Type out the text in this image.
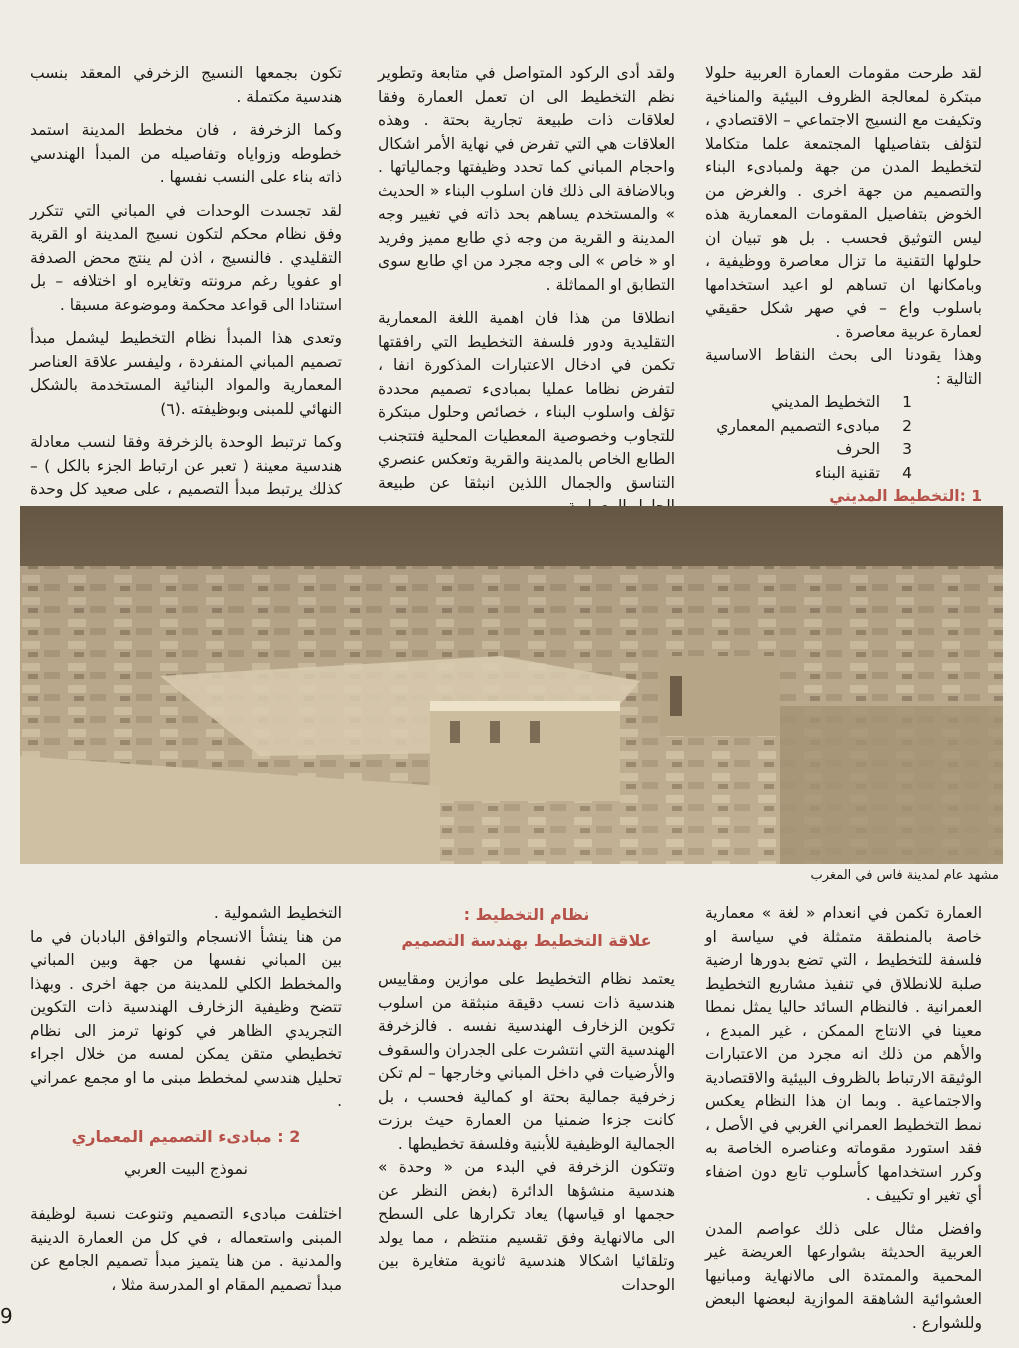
لقد طرحت مقومات العمارة العربية حلولا مبتكرة لمعالجة الظروف البيئية والمناخية وتكيفت مع النسيج الاجتماعي – الاقتصادي ، لتؤلف بتفاصيلها المجتمعة علما متكاملا لتخطيط المدن من جهة ولمبادىء البناء والتصميم من جهة اخرى . والغرض من الخوض بتفاصيل المقومات المعمارية هذه ليس التوثيق فحسب . بل هو تبيان ان حلولها التقنية ما تزال معاصرة ووظيفية ، وبامكانها ان تساهم لو اعيد استخدامها باسلوب واع – في صهر شكل حقيقي لعمارة عربية معاصرة .

وهذا يقودنا الى بحث النقاط الاساسية التالية :

1
التخطيط المديني
2
مبادىء التصميم المعماري
3
الحرف
4
تقنية البناء
1 :التخطيط المديني

ولقد أدى الركود المتواصل في متابعة وتطوير نظم التخطيط الى ان تعمل العمارة وفقا لعلاقات ذات طبيعة تجارية بحتة . وهذه العلاقات هي التي تفرض في نهاية الأمر اشكال واحجام المباني كما تحدد وظيفتها وجمالياتها . وبالاضافة الى ذلك فان اسلوب البناء « الحديث » والمستخدم يساهم بحد ذاته في تغيير وجه المدينة و القرية من وجه ذي طابع مميز وفريد او « خاص » الى وجه مجرد من اي طابع سوى التطابق او المماثلة .

انطلاقا من هذا فان اهمية اللغة المعمارية التقليدية ودور فلسفة التخطيط التي رافقتها تكمن في ادخال الاعتبارات المذكورة انفا ، لتفرض نظاما عمليا بمبادىء تصميم محددة تؤلف واسلوب البناء ، خصائص وحلول مبتكرة للتجاوب وخصوصية المعطيات المحلية فتتجنب الطابع الخاص بالمدينة والقرية وتعكس عنصري التناسق والجمال اللذين انبثقا عن طبيعة

تكون بجمعها النسيج الزخرفي المعقد بنسب هندسية مكتملة .

وكما الزخرفة ، فان مخطط المدينة استمد خطوطه وزواياه وتفاصيله من المبدأ الهندسي ذاته بناء على النسب نفسها .

لقد تجسدت الوحدات في المباني التي تتكرر وفق نظام محكم لتكون نسيج المدينة او القرية التقليدي . فالنسيج ، اذن لم ينتج محض الصدفة او عفويا رغم مرونته وتغايره او اختلافه – بل استنادا الى قواعد محكمة وموضوعة مسبقا .

وتعدى هذا المبدأ نظام التخطيط ليشمل مبدأ تصميم المباني المنفردة ، وليفسر علاقة العناصر المعمارية والمواد البنائية المستخدمة بالشكل النهائي للمبنى وبوظيفته .(٦)

وكما ترتبط الوحدة بالزخرفة وفقا لنسب معادلة هندسية معينة ( تعبر عن ارتباط الجزء بالكل ) – كذلك يرتبط مبدأ التصميم ، على صعيد كل وحدة

مشهد عام لمدينة فاس في المغرب

العمارة تكمن في انعدام « لغة » معمارية خاصة بالمنطقة متمثلة في سياسة او فلسفة للتخطيط ، التي تضع بدورها ارضية صلبة للانطلاق في تنفيذ مشاريع التخطيط العمرانية . فالنظام السائد حاليا يمثل نمطا معينا في الانتاج الممكن ، غير المبدع ، والأهم من ذلك انه مجرد من الاعتبارات الوثيقة الارتباط بالظروف البيئية والاقتصادية والاجتماعية . وبما ان هذا النظام يعكس نمط التخطيط العمراني الغربي في الأصل ، فقد استورد مقوماته وعناصره الخاصة به وكرر استخدامها كأسلوب تابع دون اضفاء أي تغير او تكييف .

وافضل مثال على ذلك عواصم المدن العربية الحديثة بشوارعها العريضة غير المحمية والممتدة الى مالانهاية ومبانيها العشوائية الشاهقة الموازية لبعضها البعض وللشوارع .

نظام التخطيط :
علاقة التخطيط بهندسة التصميم

يعتمد نظام التخطيط على موازين ومقاييس هندسية ذات نسب دقيقة منبثقة من اسلوب تكوين الزخارف الهندسية نفسه . فالزخرفة الهندسية التي انتشرت على الجدران والسقوف والأرضيات في داخل المباني وخارجها – لم تكن زخرفية جمالية بحتة او كمالية فحسب ، بل كانت جزءا ضمنيا من العمارة حيث برزت الجمالية الوظيفية للأبنية وفلسفة تخطيطها .

وتتكون الزخرفة في البدء من « وحدة » هندسية منشؤها الدائرة (بغض النظر عن حجمها او قياسها) يعاد تكرارها على السطح الى مالانهاية وفق تقسيم منتظم ، مما يولد وتلقائيا اشكالا هندسية ثانوية متغايرة بين الوحدات

التخطيط الشمولية .

من هنا ينشأ الانسجام والتوافق البادبان في ما بين المباني نفسها من جهة وبين المباني والمخطط الكلي للمدينة من جهة اخرى . وبهذا تتضح وظيفية الزخارف الهندسية ذات التكوين التجريدي الظاهر في كونها ترمز الى نظام تخطيطي متقن يمكن لمسه من خلال اجراء تحليل هندسي لمخطط مبنى ما او مجمع عمراني .

2 : مبادىء التصميم المعماري
نموذج البيت العربي

اختلفت مبادىء التصميم وتنوعت نسبة لوظيفة المبنى واستعماله ، في كل من العمارة الدينية والمدنية . من هنا يتميز مبدأ تصميم الجامع عن مبدأ تصميم المقام او المدرسة مثلا ،

9
